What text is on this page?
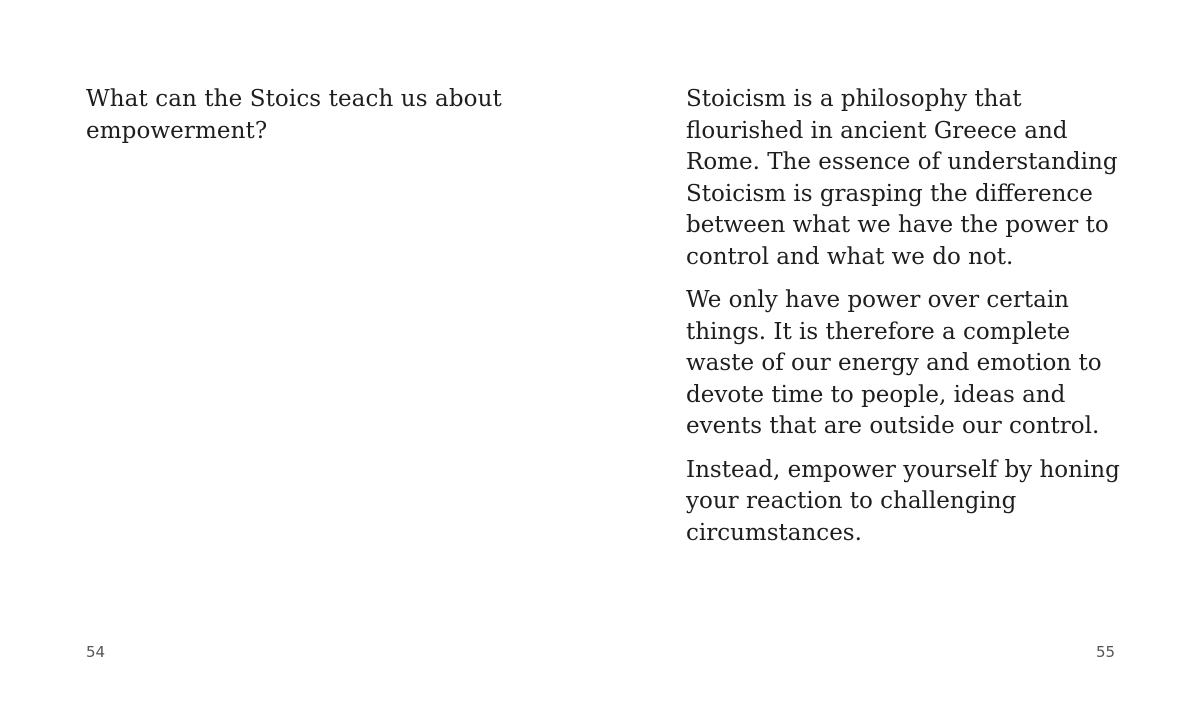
What can the Stoics teach us about empowerment?
54

Stoicism is a philosophy that flourished in ancient Greece and Rome. The essence of understanding Stoicism is grasping the difference between what we have the power to control and what we do not.

We only have power over certain things. It is therefore a complete waste of our energy and emotion to devote time to people, ideas and events that are outside our control.

Instead, empower yourself by honing your reaction to challenging circumstances.

55
